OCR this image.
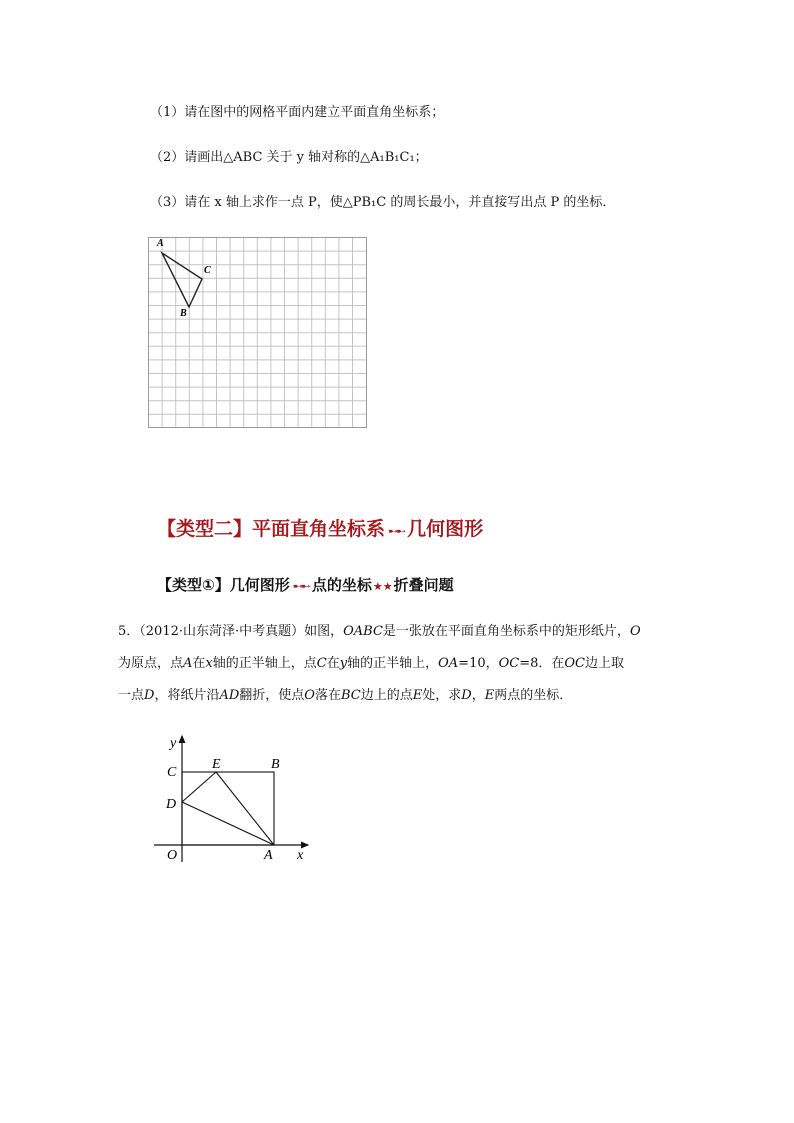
（1）请在图中的网格平面内建立平面直角坐标系；
（2）请画出△ABC 关于 y 轴对称的△A₁B₁C₁；
（3）请在 x 轴上求作一点 P，使△PB₁C 的周长最小，并直接写出点 P 的坐标．
A
C
B
【类型二】平面直角坐标系 ➸➸ 几何图形
【类型①】几何图形 ➸➸ 点的坐标★★折叠问题
5．（2012·山东菏泽·中考真题）如图，OABC是一张放在平面直角坐标系中的矩形纸片，O
为原点，点A在x轴的正半轴上，点C在y轴的正半轴上，OA=10，OC=8．在OC边上取
一点D，将纸片沿AD翻折，使点O落在BC边上的点E处，求D，E两点的坐标．
y
x
C
E	B
D
O	A
